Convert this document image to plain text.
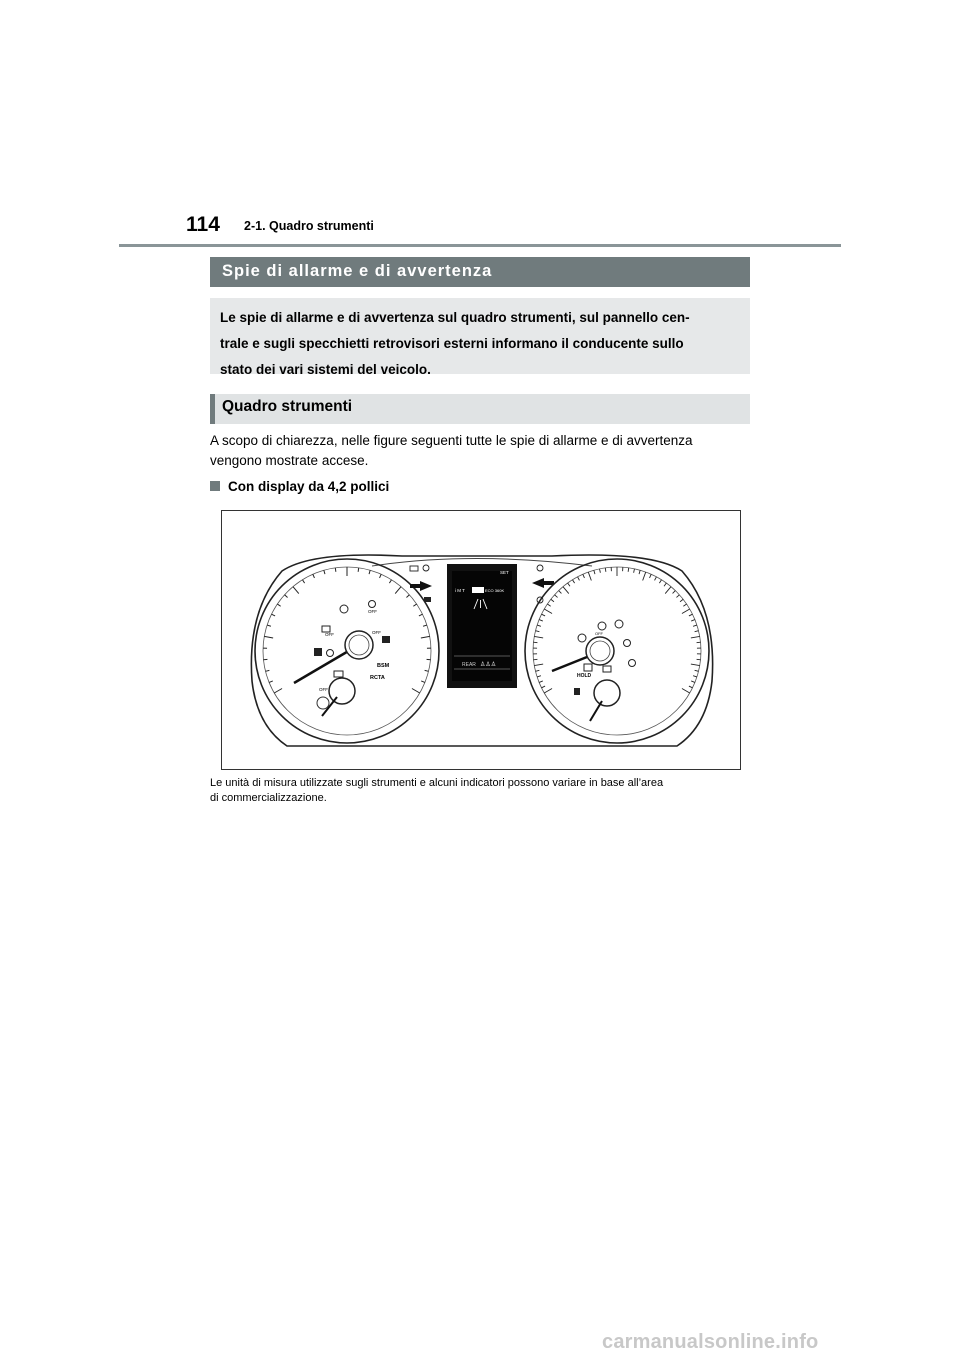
114 2-1. Quadro strumenti
Spie di allarme e di avvertenza
Le spie di allarme e di avvertenza sul quadro strumenti, sul pannello cen-
trale e sugli specchietti retrovisori esterni informano il conducente sullo
stato dei vari sistemi del veicolo.
Quadro strumenti
A scopo di chiarezza, nelle figure seguenti tutte le spie di allarme e di avvertenza
vengono mostrate accese.
Con display da 4,2 pollici
OFF
OFF
OFF
BSM
RCTA
OFF
i M T	ECO 360K
REAR ♙♙♙
SET
HOLD
OFF
Le unità di misura utilizzate sugli strumenti e alcuni indicatori possono variare in base all’area
di commercializzazione.
carmanualsonline.info
